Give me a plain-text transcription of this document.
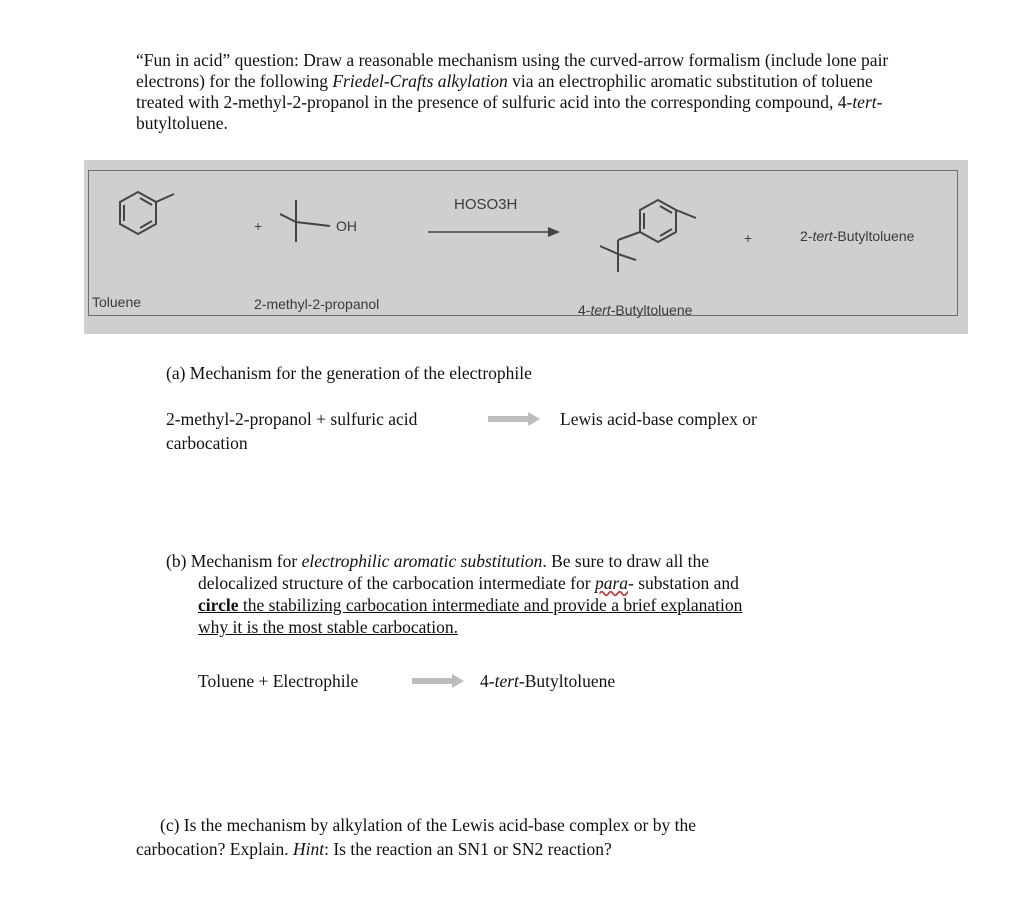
“Fun in acid” question: Draw a reasonable mechanism using the curved-arrow formalism (include lone pair electrons) for the following Friedel-Crafts alkylation via an electrophilic aromatic substitution of toluene treated with 2-methyl-2-propanol in the presence of sulfuric acid into the corresponding compound, 4-tert-butyltoluene.
+	OH
HOSO3H
+	2-tert-Butyltoluene
Toluene	2-methyl-2-propanol	4-tert-Butyltoluene
(a) Mechanism for the generation of the electrophile
2-methyl-2-propanol + sulfuric acid
carbocation
Lewis acid-base complex or
(b) Mechanism for electrophilic aromatic substitution. Be sure to draw all the
delocalized structure of the carbocation intermediate for para- substation and
circle the stabilizing carbocation intermediate and provide a brief explanation
why it is the most stable carbocation.
Toluene + Electrophile	4-tert-Butyltoluene
(c) Is the mechanism by alkylation of the Lewis acid-base complex or by the
carbocation? Explain. Hint: Is the reaction an SN1 or SN2 reaction?
